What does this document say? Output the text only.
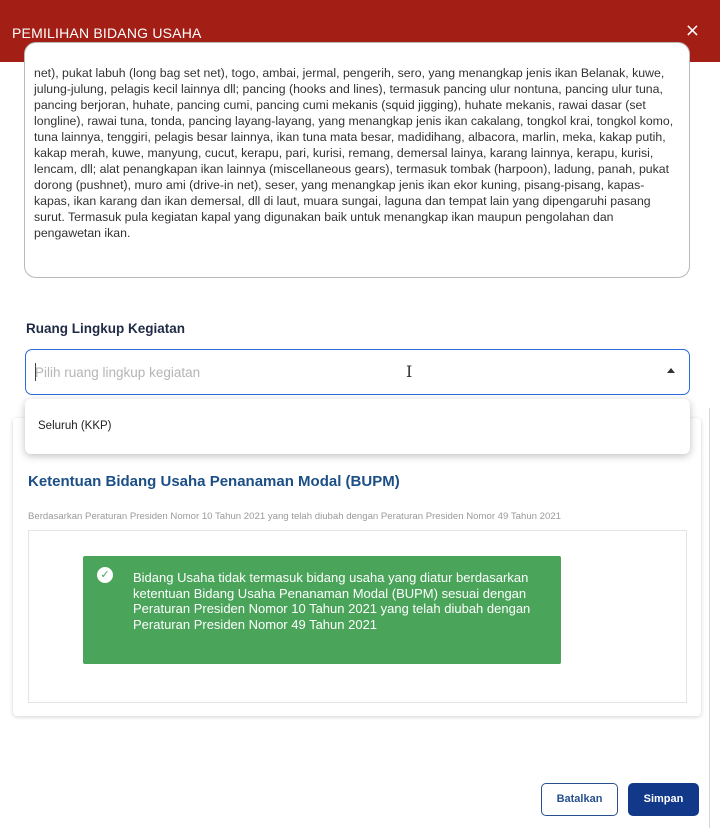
PEMILIHAN BIDANG USAHA	×
net), pukat labuh (long bag set net), togo, ambai, jermal, pengerih, sero, yang menangkap jenis ikan Belanak, kuwe, julung-julung, pelagis kecil lainnya dll; pancing (hooks and lines), termasuk pancing ulur nontuna, pancing ulur tuna, pancing berjoran, huhate, pancing cumi, pancing cumi mekanis (squid jigging), huhate mekanis, rawai dasar (set longline), rawai tuna, tonda, pancing layang-layang, yang menangkap jenis ikan cakalang, tongkol krai, tongkol komo, tuna lainnya, tenggiri, pelagis besar lainnya, ikan tuna mata besar, madidihang, albacora, marlin, meka, kakap putih, kakap merah, kuwe, manyung, cucut, kerapu, pari, kurisi, remang, demersal lainya, karang lainnya, kerapu, kurisi, lencam, dll; alat penangkapan ikan lainnya (miscellaneous gears), termasuk tombak (harpoon), ladung, panah, pukat dorong (pushnet), muro ami (drive-in net), seser, yang menangkap jenis ikan ekor kuning, pisang-pisang, kapas-kapas, ikan karang dan ikan demersal, dll di laut, muara sungai, laguna dan tempat lain yang dipengaruhi pasang surut. Termasuk pula kegiatan kapal yang digunakan baik untuk menangkap ikan maupun pengolahan dan pengawetan ikan.
Ruang Lingkup Kegiatan
Pilih ruang lingkup kegiatan	I
Seluruh (KKP)
Ketentuan Bidang Usaha Penanaman Modal (BUPM)
Berdasarkan Peraturan Presiden Nomor 10 Tahun 2021 yang telah diubah dengan Peraturan Presiden Nomor 49 Tahun 2021
✓ Bidang Usaha tidak termasuk bidang usaha yang diatur berdasarkan ketentuan Bidang Usaha Penanaman Modal (BUPM) sesuai dengan Peraturan Presiden Nomor 10 Tahun 2021 yang telah diubah dengan Peraturan Presiden Nomor 49 Tahun 2021
Batalkan	Simpan
